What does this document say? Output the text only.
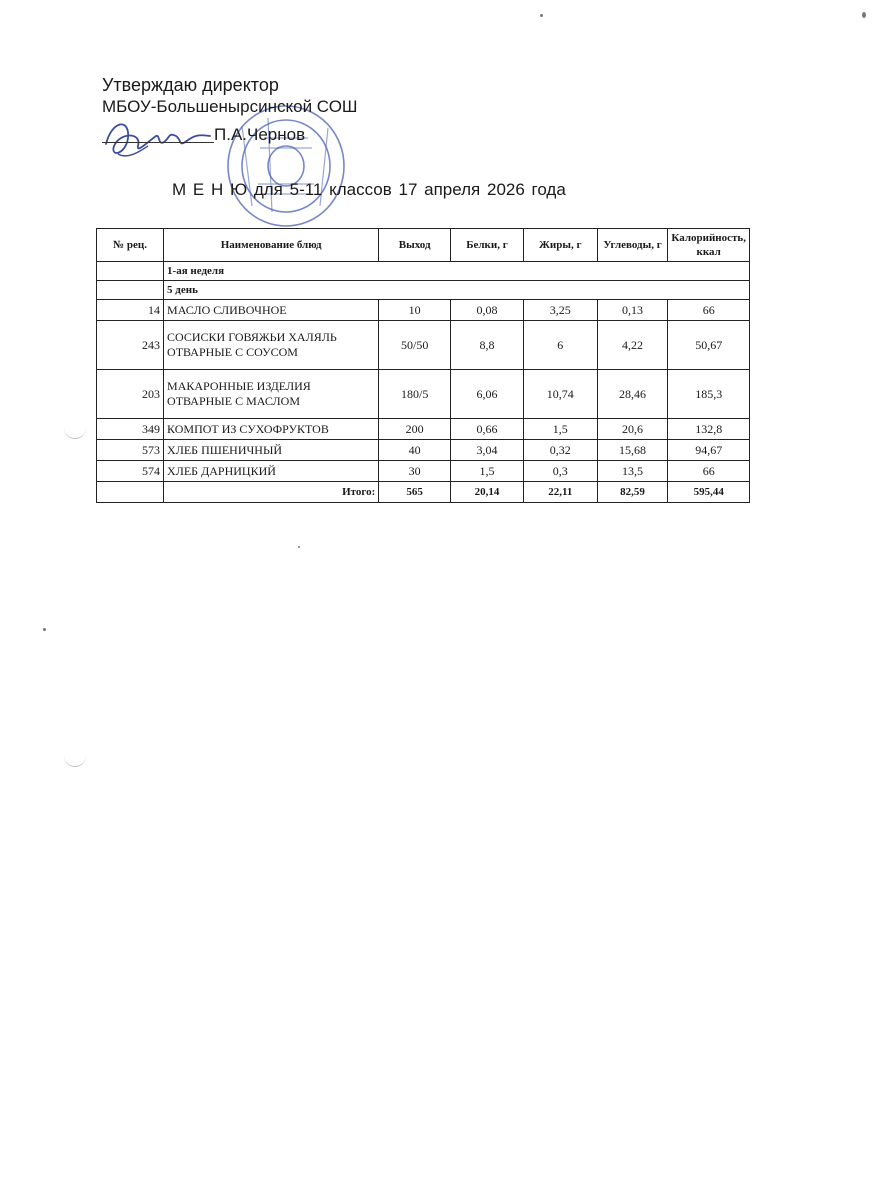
Утверждаю директор
МБОУ-Большенырсинской СОШ
П.А.Чернов
М Е Н Ю для 5-11 классов 17 апреля 2026 года
№ рец.	Наименование блюд	Выход	Белки, г	Жиры, г	Углеводы, г	Калорийность, ккал
	1-ая неделя					
	5 день					
14	МАСЛО СЛИВОЧНОЕ	10	0,08	3,25	0,13	66
243	СОСИСКИ ГОВЯЖЬИ ХАЛЯЛЬ ОТВАРНЫЕ С СОУСОМ	50/50	8,8	6	4,22	50,67
203	МАКАРОННЫЕ ИЗДЕЛИЯ ОТВАРНЫЕ С МАСЛОМ	180/5	6,06	10,74	28,46	185,3
349	КОМПОТ ИЗ СУХОФРУКТОВ	200	0,66	1,5	20,6	132,8
573	ХЛЕБ ПШЕНИЧНЫЙ	40	3,04	0,32	15,68	94,67
574	ХЛЕБ ДАРНИЦКИЙ	30	1,5	0,3	13,5	66
	Итого:	565	20,14	22,11	82,59	595,44
